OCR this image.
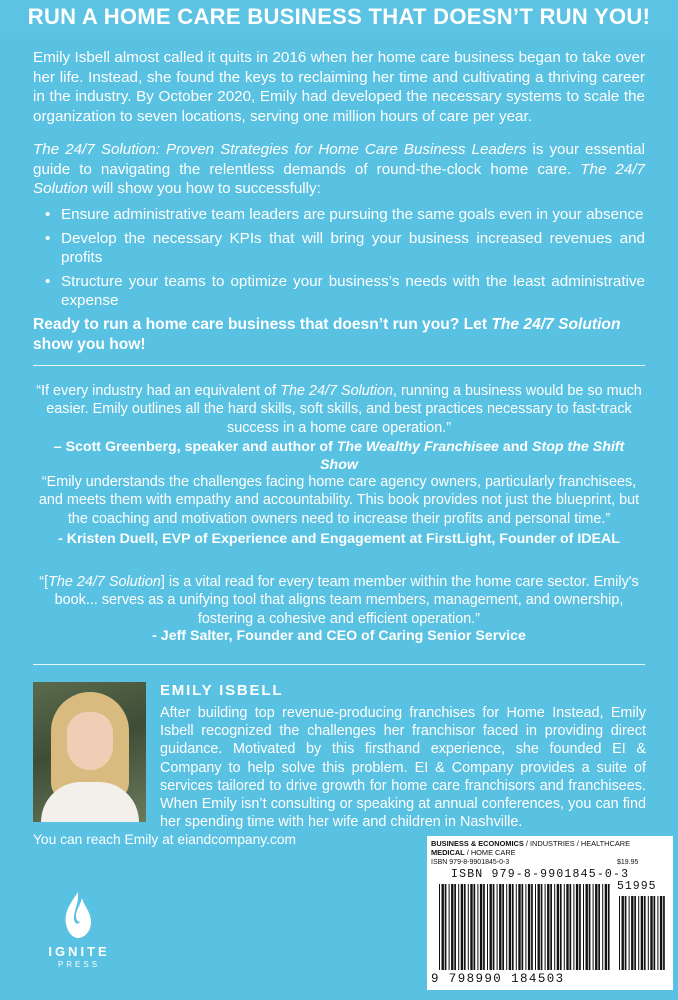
RUN A HOME CARE BUSINESS THAT DOESN’T RUN YOU!
Emily Isbell almost called it quits in 2016 when her home care business began to take over her life. Instead, she found the keys to reclaiming her time and cultivating a thriving career in the industry. By October 2020, Emily had developed the necessary systems to scale the organization to seven locations, serving one million hours of care per year.
The 24/7 Solution: Proven Strategies for Home Care Business Leaders is your essential guide to navigating the relentless demands of round-the-clock home care. The 24/7 Solution will show you how to successfully:
• Ensure administrative team leaders are pursuing the same goals even in your absence
• Develop the necessary KPIs that will bring your business increased revenues and profits
• Structure your teams to optimize your business’s needs with the least administrative expense
Ready to run a home care business that doesn’t run you? Let The 24/7 Solution show you how!
“If every industry had an equivalent of The 24/7 Solution, running a business would be so much easier. Emily outlines all the hard skills, soft skills, and best practices necessary to fast-track success in a home care operation.”
– Scott Greenberg, speaker and author of The Wealthy Franchisee and Stop the Shift Show
“Emily understands the challenges facing home care agency owners, particularly franchisees, and meets them with empathy and accountability. This book provides not just the blueprint, but the coaching and motivation owners need to increase their profits and personal time.”
- Kristen Duell, EVP of Experience and Engagement at FirstLight, Founder of IDEAL
“[The 24/7 Solution] is a vital read for every team member within the home care sector. Emily's book... serves as a unifying tool that aligns team members, management, and ownership, fostering a cohesive and efficient operation.”
- Jeff Salter, Founder and CEO of Caring Senior Service
EMILY ISBELL
After building top revenue-producing franchises for Home Instead, Emily Isbell recognized the challenges her franchisor faced in providing direct guidance. Motivated by this firsthand experience, she founded EI & Company to help solve this problem. EI & Company provides a suite of services tailored to drive growth for home care franchisors and franchisees. When Emily isn’t consulting or speaking at annual conferences, you can find her spending time with her wife and children in Nashville.
You can reach Emily at eiandcompany.com
IGNITE
PRESS
BUSINESS & ECONOMICS / INDUSTRIES / HEALTHCARE
MEDICAL / HOME CARE
ISBN 979-8-9901845-0-3	$19.95
ISBN 979-8-9901845-0-3
51995
9 798990 184503
